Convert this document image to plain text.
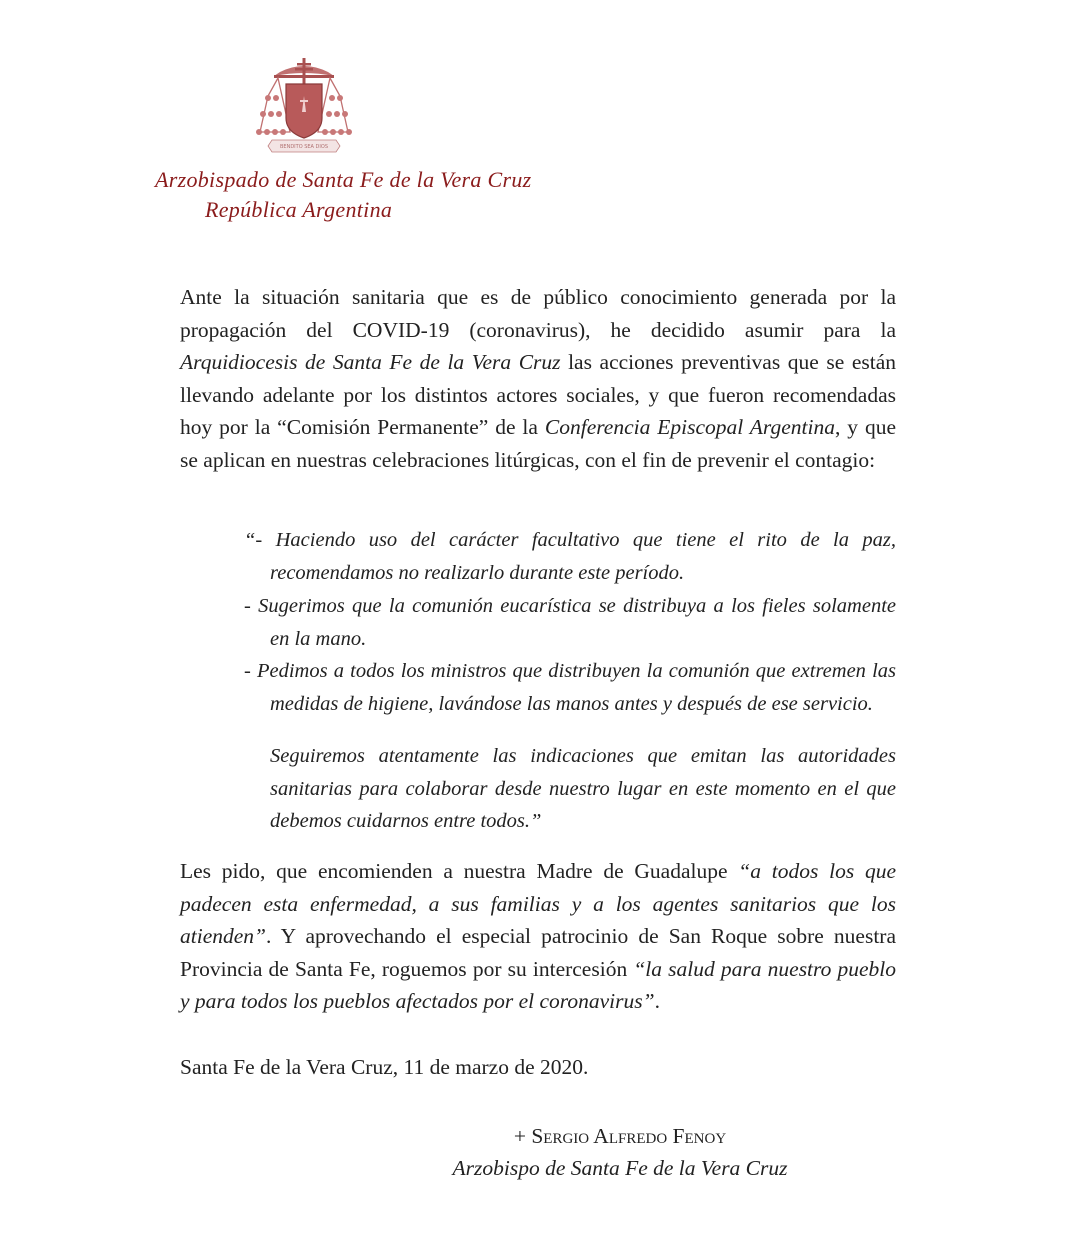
BENDITO SEA DIOS
Arzobispado de Santa Fe de la Vera Cruz
República Argentina

Ante la situación sanitaria que es de público conocimiento generada por la propagación del COVID-19 (coronavirus), he decidido asumir para la Arquidiocesis de Santa Fe de la Vera Cruz las acciones preventivas que se están llevando adelante por los distintos actores sociales, y que fueron recomendadas hoy por la “Comisión Permanente” de la Conferencia Episcopal Argentina, y que se aplican en nuestras celebraciones litúrgicas, con el fin de prevenir el contagio:

“- Haciendo uso del carácter facultativo que tiene el rito de la paz, recomendamos no realizarlo durante este período.

- Sugerimos que la comunión eucarística se distribuya a los fieles solamente en la mano.

- Pedimos a todos los ministros que distribuyen la comunión que extremen las medidas de higiene, lavándose las manos antes y después de ese servicio.

Seguiremos atentamente las indicaciones que emitan las autoridades sanitarias para colaborar desde nuestro lugar en este momento en el que debemos cuidarnos entre todos.”

Les pido, que encomienden a nuestra Madre de Guadalupe “a todos los que padecen esta enfermedad, a sus familias y a los agentes sanitarios que los atienden”. Y aprovechando el especial patrocinio de San Roque sobre nuestra Provincia de Santa Fe, roguemos por su intercesión “la salud para nuestro pueblo y para todos los pueblos afectados por el coronavirus”.

Santa Fe de la Vera Cruz, 11 de marzo de 2020.

+ Sergio Alfredo Fenoy
Arzobispo de Santa Fe de la Vera Cruz
